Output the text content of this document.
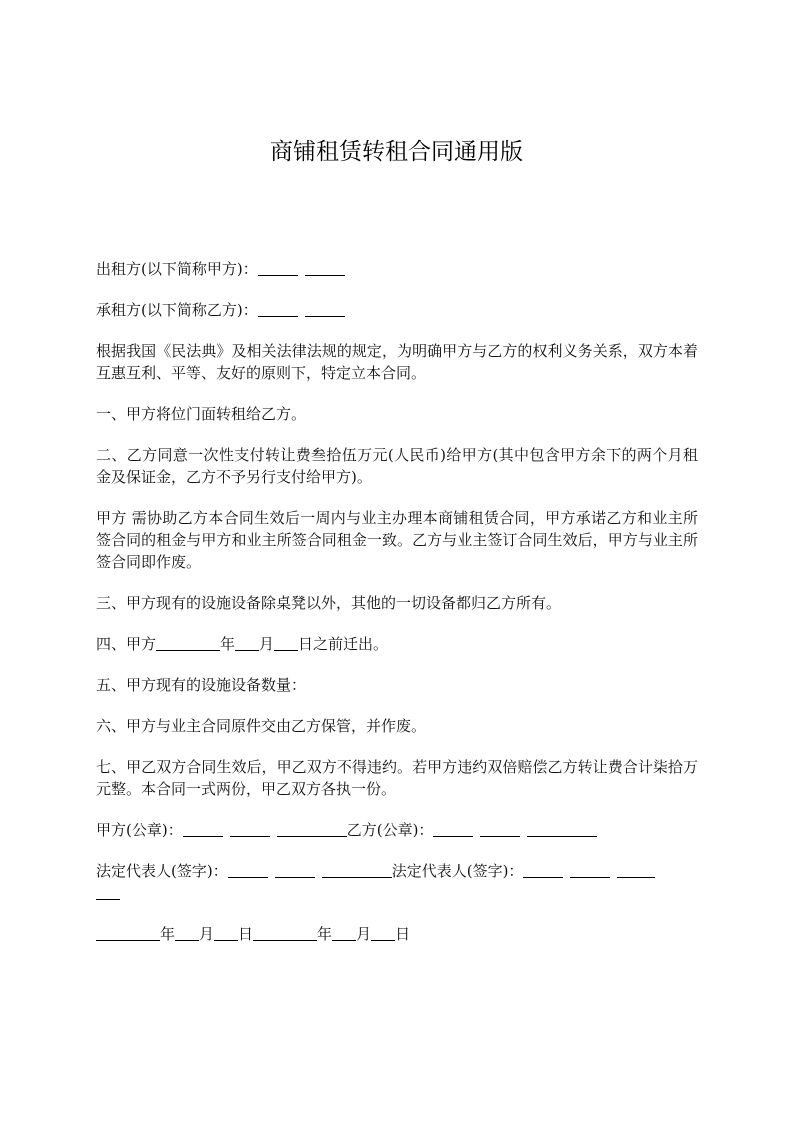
商铺租赁转租合同通用版

出租方(以下简称甲方)：

承租方(以下简称乙方)：

根据我国《民法典》及相关法律法规的规定，为明确甲方与乙方的权利义务关系，双方本着互惠互利、平等、友好的原则下，特定立本合同。

一、甲方将位门面转租给乙方。

二、乙方同意一次性支付转让费叁拾伍万元(人民币)给甲方(其中包含甲方余下的两个月租金及保证金，乙方不予另行支付给甲方)。

甲方 需协助乙方本合同生效后一周内与业主办理本商铺租赁合同，甲方承诺乙方和业主所签合同的租金与甲方和业主所签合同租金一致。乙方与业主签订合同生效后，甲方与业主所签合同即作废。

三、甲方现有的设施设备除桌凳以外，其他的一切设备都归乙方所有。

四、甲方	年 月 日之前迁出。

五、甲方现有的设施设备数量：

六、甲方与业主合同原件交由乙方保管，并作废。

七、甲乙双方合同生效后，甲乙双方不得违约。若甲方违约双倍赔偿乙方转让费合计柒拾万元整。本合同一式两份，甲乙双方各执一份。

甲方(公章)：	乙方(公章)：

法定代表人(签字)：	法定代表人(签字)：

年 月 日	年 月 日
